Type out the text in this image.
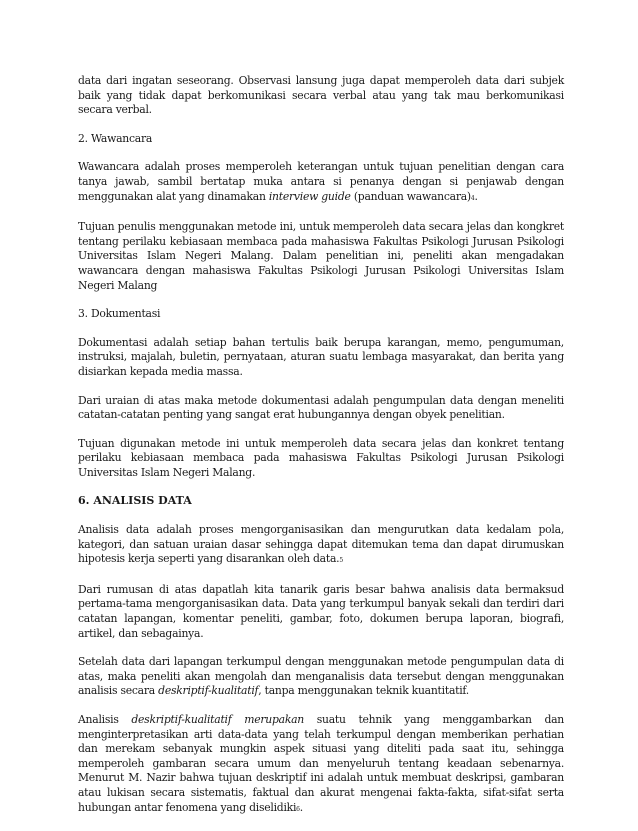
data dari ingatan seseorang. Observasi lansung juga dapat memperoleh data dari subjek baik yang tidak dapat berkomunikasi secara verbal atau yang tak mau berkomunikasi secara verbal.

2. Wawancara

Wawancara adalah proses memperoleh keterangan untuk tujuan penelitian dengan cara tanya jawab, sambil bertatap muka antara si penanya dengan si penjawab dengan menggunakan alat yang dinamakan interview guide (panduan wawancara)4.

Tujuan penulis menggunakan metode ini, untuk memperoleh data secara jelas dan kongkret tentang perilaku kebiasaan membaca pada mahasiswa Fakultas Psikologi Jurusan Psikologi Universitas Islam Negeri Malang. Dalam penelitian ini, peneliti akan mengadakan wawancara dengan mahasiswa Fakultas Psikologi Jurusan Psikologi Universitas Islam Negeri Malang

3. Dokumentasi

Dokumentasi adalah setiap bahan tertulis baik berupa karangan, memo, pengumuman, instruksi, majalah, buletin, pernyataan, aturan suatu lembaga masyarakat, dan berita yang disiarkan kepada media massa.

Dari uraian di atas maka metode dokumentasi adalah pengumpulan data dengan meneliti catatan-catatan penting yang sangat erat hubungannya dengan obyek penelitian.

Tujuan digunakan metode ini untuk memperoleh data secara jelas dan konkret tentang perilaku kebiasaan membaca pada mahasiswa Fakultas Psikologi Jurusan Psikologi Universitas Islam Negeri Malang.

6. ANALISIS DATA

Analisis data adalah proses mengorganisasikan dan mengurutkan data kedalam pola, kategori, dan satuan uraian dasar sehingga dapat ditemukan tema dan dapat dirumuskan hipotesis kerja seperti yang disarankan oleh data.5

Dari rumusan di atas dapatlah kita tanarik garis besar bahwa analisis data bermaksud pertama-tama mengorganisasikan data. Data yang terkumpul banyak sekali dan terdiri dari catatan lapangan, komentar peneliti, gambar, foto, dokumen berupa laporan, biografi, artikel, dan sebagainya.

Setelah data dari lapangan terkumpul dengan menggunakan metode pengumpulan data di atas, maka peneliti akan mengolah dan menganalisis data tersebut dengan menggunakan analisis secara deskriptif-kualitatif, tanpa menggunakan teknik kuantitatif.

Analisis deskriptif-kualitatif merupakan suatu tehnik yang menggambarkan dan menginterpretasikan arti data-data yang telah terkumpul dengan memberikan perhatian dan merekam sebanyak mungkin aspek situasi yang diteliti pada saat itu, sehingga memperoleh gambaran secara umum dan menyeluruh tentang keadaan sebenarnya. Menurut M. Nazir bahwa tujuan deskriptif ini adalah untuk membuat deskripsi, gambaran atau lukisan secara sistematis, faktual dan akurat mengenai fakta-fakta, sifat-sifat serta hubungan antar fenomena yang diselidiki6.
